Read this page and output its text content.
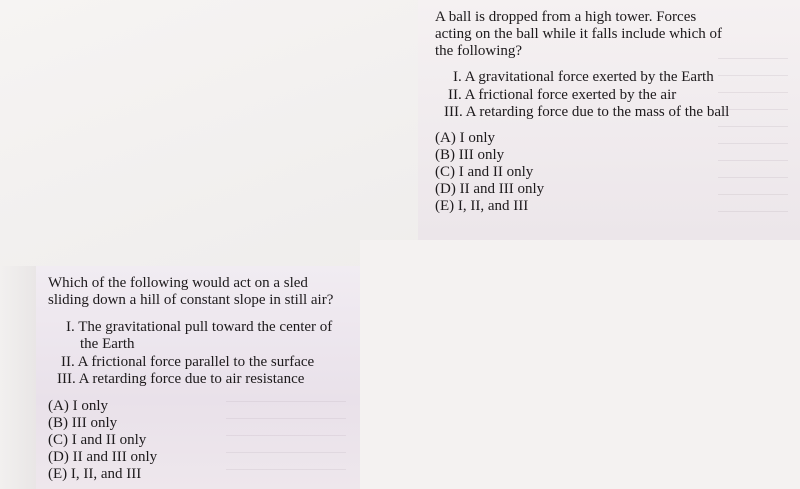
A ball is dropped from a high tower. Forces
acting on the ball while it falls include which of
the following?
I. A gravitational force exerted by the Earth
II. A frictional force exerted by the air
III. A retarding force due to the mass of the ball
(A) I only
(B) III only
(C) I and II only
(D) II and III only
(E) I, II, and III
Which of the following would act on a sled
sliding down a hill of constant slope in still air?
I. The gravitational pull toward the center of
the Earth
II. A frictional force parallel to the surface
III. A retarding force due to air resistance
(A) I only
(B) III only
(C) I and II only
(D) II and III only
(E) I, II, and III
